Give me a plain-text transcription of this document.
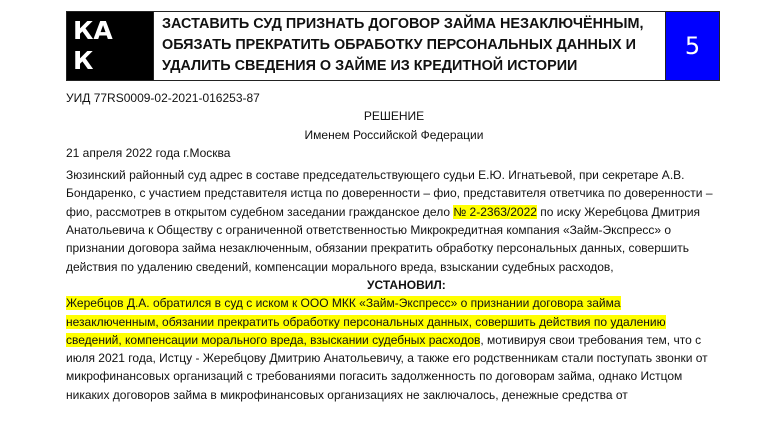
КА
К
ЗАСТАВИТЬ СУД ПРИЗНАТЬ ДОГОВОР ЗАЙМА НЕЗАКЛЮЧЁННЫМ,
ОБЯЗАТЬ ПРЕКРАТИТЬ ОБРАБОТКУ ПЕРСОНАЛЬНЫХ ДАННЫХ И
УДАЛИТЬ СВЕДЕНИЯ О ЗАЙМЕ ИЗ КРЕДИТНОЙ ИСТОРИИ
5
УИД 77RS0009-02-2021-016253-87
РЕШЕНИЕ
Именем Российской Федерации
21 апреля 2022 года г.Москва
Зюзинский районный суд адрес в составе председательствующего судьи Е.Ю. Игнатьевой, при секретаре А.В.
Бондаренко, с участием представителя истца по доверенности – фио, представителя ответчика по доверенности –
фио, рассмотрев в открытом судебном заседании гражданское дело № 2-2363/2022 по иску Жеребцова Дмитрия
Анатольевича к Обществу с ограниченной ответственностью Микрокредитная компания «Займ-Экспресс» о
признании договора займа незаключенным, обязании прекратить обработку персональных данных, совершить
действия по удалению сведений, компенсации морального вреда, взыскании судебных расходов,
УСТАНОВИЛ:
Жеребцов Д.А. обратился в суд с иском к ООО МКК «Займ-Экспресс» о признании договора займа
незаключенным, обязании прекратить обработку персональных данных, совершить действия по удалению
сведений, компенсации морального вреда, взыскании судебных расходов, мотивируя свои требования тем, что с
июля 2021 года, Истцу - Жеребцову Дмитрию Анатольевичу, а также его родственникам стали поступать звонки от
микрофинансовых организаций с требованиями погасить задолженность по договорам займа, однако Истцом
никаких договоров займа в микрофинансовых организациях не заключалось, денежные средства от
